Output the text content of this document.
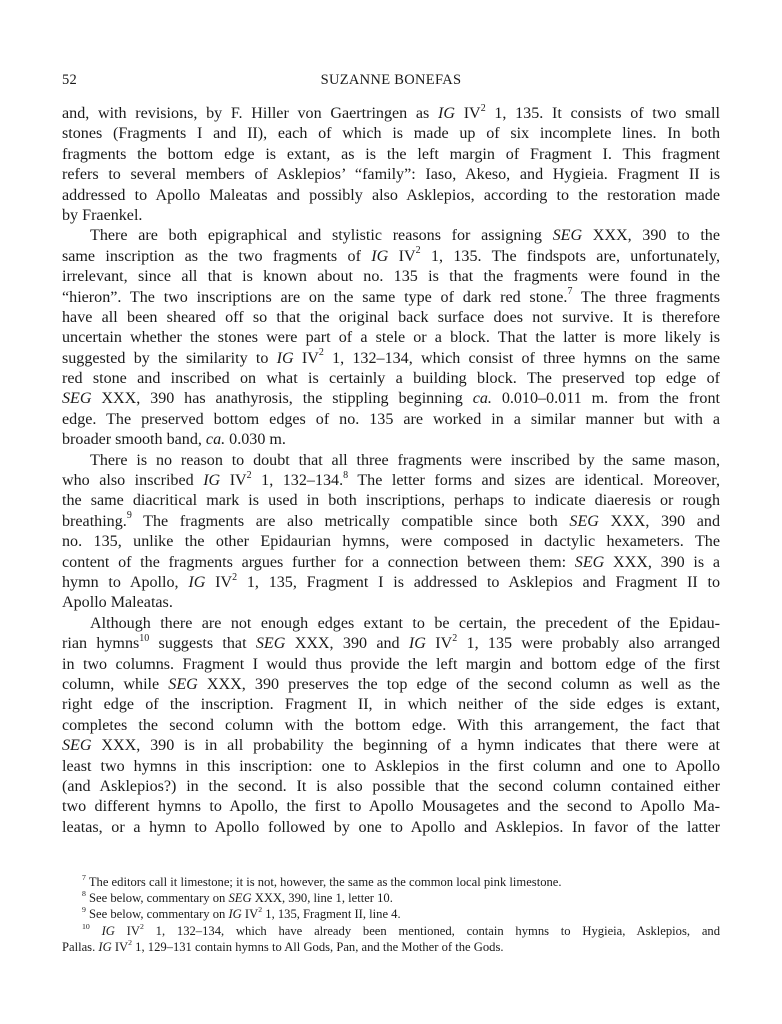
52	SUZANNE BONEFAS
and, with revisions, by F. Hiller von Gaertringen as IG $IV^2$ 1, 135. It consists of two small
stones (Fragments I and II), each of which is made up of six incomplete lines. In both
fragments the bottom edge is extant, as is the left margin of Fragment I. This fragment
refers to several members of Asklepios’ “family”: Iaso, Akeso, and Hygieia. Fragment II is
addressed to Apollo Maleatas and possibly also Asklepios, according to the restoration made
by Fraenkel.
There are both epigraphical and stylistic reasons for assigning SEG XXX, 390 to the
same inscription as the two fragments of IG $IV^2$ 1, 135. The findspots are, unfortunately,
irrelevant, since all that is known about no. 135 is that the fragments were found in the
“hieron”. The two inscriptions are on the same type of dark red stone.$^7$ The three fragments
have all been sheared off so that the original back surface does not survive. It is therefore
uncertain whether the stones were part of a stele or a block. That the latter is more likely is
suggested by the similarity to IG $IV^2$ 1, 132–134, which consist of three hymns on the same
red stone and inscribed on what is certainly a building block. The preserved top edge of
SEG XXX, 390 has anathyrosis, the stippling beginning ca. 0.010–0.011 m. from the front
edge. The preserved bottom edges of no. 135 are worked in a similar manner but with a
broader smooth band, ca. 0.030 m.
There is no reason to doubt that all three fragments were inscribed by the same mason,
who also inscribed IG $IV^2$ 1, 132–134.$^8$ The letter forms and sizes are identical. Moreover,
the same diacritical mark is used in both inscriptions, perhaps to indicate diaeresis or rough
breathing.$^9$ The fragments are also metrically compatible since both SEG XXX, 390 and
no. 135, unlike the other Epidaurian hymns, were composed in dactylic hexameters. The
content of the fragments argues further for a connection between them: SEG XXX, 390 is a
hymn to Apollo, IG $IV^2$ 1, 135, Fragment I is addressed to Asklepios and Fragment II to
Apollo Maleatas.
Although there are not enough edges extant to be certain, the precedent of the Epidau-
rian hymns$^{10}$ suggests that SEG XXX, 390 and IG $IV^2$ 1, 135 were probably also arranged
in two columns. Fragment I would thus provide the left margin and bottom edge of the first
column, while SEG XXX, 390 preserves the top edge of the second column as well as the
right edge of the inscription. Fragment II, in which neither of the side edges is extant,
completes the second column with the bottom edge. With this arrangement, the fact that
SEG XXX, 390 is in all probability the beginning of a hymn indicates that there were at
least two hymns in this inscription: one to Asklepios in the first column and one to Apollo
(and Asklepios?) in the second. It is also possible that the second column contained either
two different hymns to Apollo, the first to Apollo Mousagetes and the second to Apollo Ma-
leatas, or a hymn to Apollo followed by one to Apollo and Asklepios. In favor of the latter
$^7$ The editors call it limestone; it is not, however, the same as the common local pink limestone.
$^8$ See below, commentary on SEG XXX, 390, line 1, letter 10.
$^9$ See below, commentary on IG $IV^2$ 1, 135, Fragment II, line 4.
$^{10}$ IG $IV^2$ 1, 132–134, which have already been mentioned, contain hymns to Hygieia, Asklepios, and
Pallas. IG $IV^2$ 1, 129–131 contain hymns to All Gods, Pan, and the Mother of the Gods.
